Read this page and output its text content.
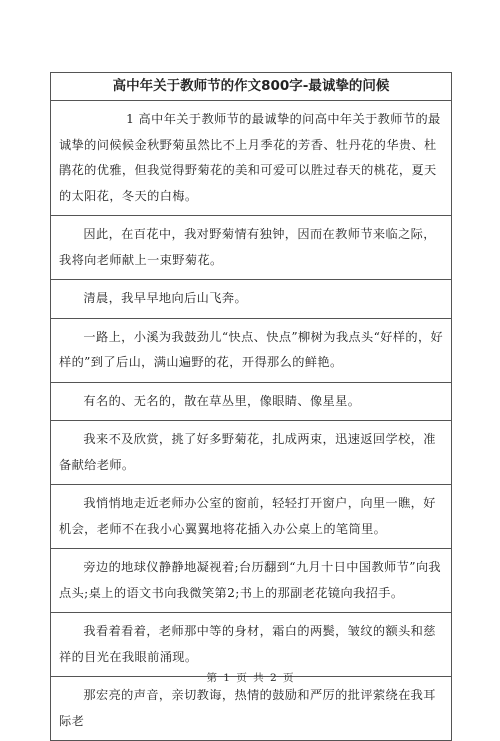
高中年关于教师节的作文800字-最诚挚的问候
1 高中年关于教师节的最诚挚的问高中年关于教师节的最诚挚的问候候金秋野菊虽然比不上月季花的芳香、牡丹花的华贵、杜鹃花的优雅，但我觉得野菊花的美和可爱可以胜过春天的桃花，夏天的太阳花，冬天的白梅。
因此，在百花中，我对野菊情有独钟，因而在教师节来临之际，我将向老师献上一束野菊花。
清晨，我早早地向后山飞奔。
一路上，小溪为我鼓劲儿“快点、快点”柳树为我点头“好样的，好样的”到了后山，满山遍野的花，开得那么的鲜艳。
有名的、无名的，散在草丛里，像眼睛、像星星。
我来不及欣赏，挑了好多野菊花，扎成两束，迅速返回学校，准备献给老师。
我悄悄地走近老师办公室的窗前，轻轻打开窗户，向里一瞧，好机会，老师不在我小心翼翼地将花插入办公桌上的笔筒里。
旁边的地球仪静静地凝视着;台历翻到“九月十日中国教师节”向我点头;桌上的语文书向我微笑第2;书上的那副老花镜向我招手。
我看着看着，老师那中等的身材，霜白的两鬓，皱纹的额头和慈祥的目光在我眼前涌现。
那宏亮的声音，亲切教诲，热情的鼓励和严厉的批评萦绕在我耳际老
第 1 页 共 2 页
